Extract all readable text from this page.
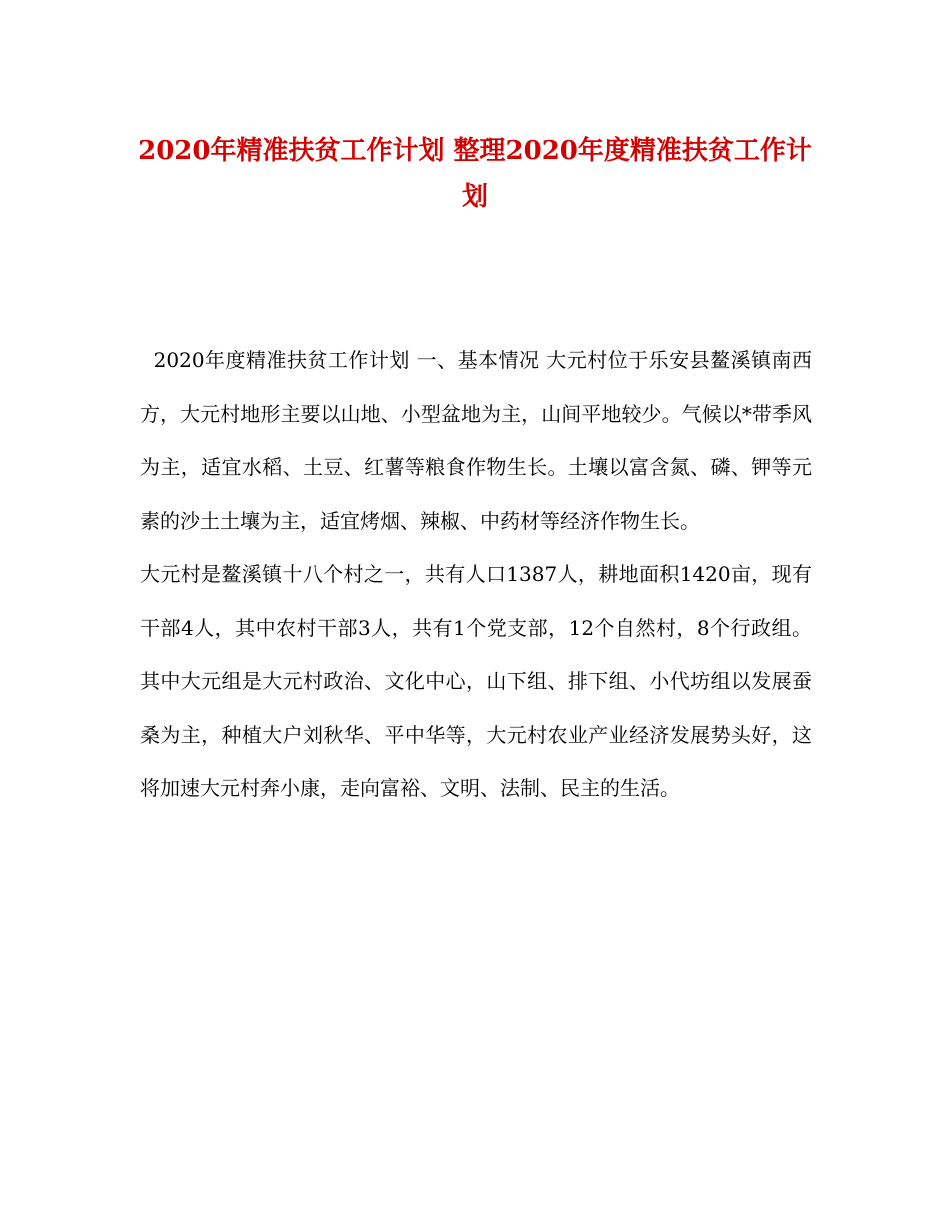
2020年精准扶贫工作计划 整理2020年度精准扶贫工作计划

2020年度精准扶贫工作计划 一、基本情况 大元村位于乐安县鳌溪镇南西方，大元村地形主要以山地、小型盆地为主，山间平地较少。气候以*带季风为主，适宜水稻、土豆、红薯等粮食作物生长。土壤以富含氮、磷、钾等元素的沙土土壤为主，适宜烤烟、辣椒、中药材等经济作物生长。

大元村是鳌溪镇十八个村之一，共有人口1387人，耕地面积1420亩，现有干部4人，其中农村干部3人，共有1个党支部，12个自然村，8个行政组。其中大元组是大元村政治、文化中心，山下组、排下组、小代坊组以发展蚕桑为主，种植大户刘秋华、平中华等，大元村农业产业经济发展势头好，这将加速大元村奔小康，走向富裕、文明、法制、民主的生活。
